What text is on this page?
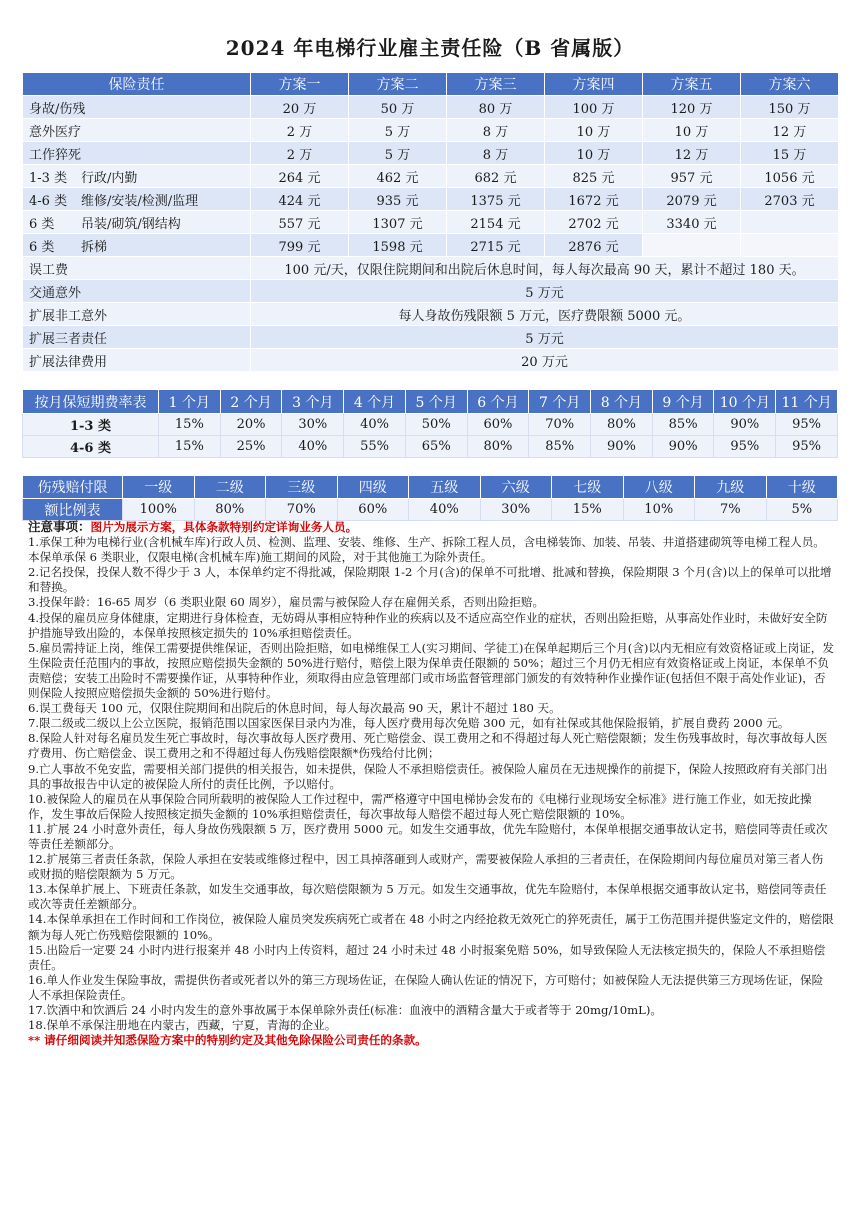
2024 年电梯行业雇主责任险（B 省属版）
保险责任	方案一	方案二	方案三	方案四	方案五	方案六
身故/伤残	20 万	50 万	80 万	100 万	120 万	150 万
意外医疗	2 万	5 万	8 万	10 万	10 万	12 万
工作猝死	2 万	5 万	8 万	10 万	12 万	15 万
1-3 类 行政/内勤	264 元	462 元	682 元	825 元	957 元	1056 元
4-6 类 维修/安装/检测/监理	424 元	935 元	1375 元	1672 元	2079 元	2703 元
6 类 吊装/砌筑/钢结构	557 元	1307 元	2154 元	2702 元	3340 元	
6 类 拆梯	799 元	1598 元	2715 元	2876 元		
误工费	100 元/天，仅限住院期间和出院后休息时间，每人每次最高 90 天，累计不超过 180 天。					
交通意外	5 万元					
扩展非工意外	每人身故伤残限额 5 万元，医疗费限额 5000 元。					
扩展三者责任	5 万元					
扩展法律费用	20 万元					
按月保短期费率表	1 个月	2 个月	3 个月	4 个月	5 个月	6 个月	7 个月	8 个月	9 个月	10 个月	11 个月
1-3 类	15%	20%	30%	40%	50%	60%	70%	80%	85%	90%	95%
4-6 类	15%	25%	40%	55%	65%	80%	85%	90%	90%	95%	95%
伤残赔付限	一级	二级	三级	四级	五级	六级	七级	八级	九级	十级
额比例表	100%	80%	70%	60%	40%	30%	15%	10%	7%	5%

注意事项：图片为展示方案，具体条款特别约定详询业务人员。

1.承保工种为电梯行业(含机械车库)行政人员、检测、监理、安装、维修、生产、拆除工程人员，含电梯装饰、加装、吊装、井道搭建砌筑等电梯工程人员。本保单承保 6 类职业，仅限电梯(含机械车库)施工期间的风险，对于其他施工为除外责任。

2.记名投保，投保人数不得少于 3 人，本保单约定不得批减，保险期限 1-2 个月(含)的保单不可批增、批减和替换，保险期限 3 个月(含)以上的保单可以批增和替换。

3.投保年龄：16-65 周岁（6 类职业限 60 周岁），雇员需与被保险人存在雇佣关系，否则出险拒赔。

4.投保的雇员应身体健康，定期进行身体检查，无妨碍从事相应特种作业的疾病以及不适应高空作业的症状，否则出险拒赔，从事高处作业时，未做好安全防护措施导致出险的，本保单按照核定损失的 10%承担赔偿责任。

5.雇员需持证上岗，维保工需要提供维保证，否则出险拒赔，如电梯维保工人(实习期间、学徒工)在保单起期后三个月(含)以内无相应有效资格证或上岗证，发生保险责任范围内的事故，按照应赔偿损失金额的 50%进行赔付，赔偿上限为保单责任限额的 50%；超过三个月仍无相应有效资格证或上岗证，本保单不负责赔偿；安装工出险时不需要操作证，从事特种作业，须取得由应急管理部门或市场监督管理部门颁发的有效特种作业操作证(包括但不限于高处作业证)，否则保险人按照应赔偿损失金额的 50%进行赔付。

6.误工费每天 100 元，仅限住院期间和出院后的休息时间，每人每次最高 90 天，累计不超过 180 天。

7.限二级或二级以上公立医院，报销范围以国家医保目录内为准，每人医疗费用每次免赔 300 元，如有社保或其他保险报销，扩展自费药 2000 元。

8.保险人针对每名雇员发生死亡事故时，每次事故每人医疗费用、死亡赔偿金、误工费用之和不得超过每人死亡赔偿限额；发生伤残事故时，每次事故每人医疗费用、伤亡赔偿金、误工费用之和不得超过每人伤残赔偿限额*伤残给付比例；

9.亡人事故不免安监，需要相关部门提供的相关报告，如未提供，保险人不承担赔偿责任。被保险人雇员在无违规操作的前提下，保险人按照政府有关部门出具的事故报告中认定的被保险人所付的责任比例，予以赔付。

10.被保险人的雇员在从事保险合同所载明的被保险人工作过程中，需严格遵守中国电梯协会发布的《电梯行业现场安全标准》进行施工作业，如无按此操作，发生事故后保险人按照核定损失金额的 10%承担赔偿责任，每次事故每人赔偿不超过每人死亡赔偿限额的 10%。

11.扩展 24 小时意外责任，每人身故伤残限额 5 万，医疗费用 5000 元。如发生交通事故，优先车险赔付，本保单根据交通事故认定书，赔偿同等责任或次等责任差额部分。

12.扩展第三者责任条款，保险人承担在安装或维修过程中，因工具掉落砸到人或财产，需要被保险人承担的三者责任，在保险期间内每位雇员对第三者人伤或财损的赔偿限额为 5 万元。

13.本保单扩展上、下班责任条款，如发生交通事故，每次赔偿限额为 5 万元。如发生交通事故，优先车险赔付，本保单根据交通事故认定书，赔偿同等责任或次等责任差额部分。

14.本保单承担在工作时间和工作岗位，被保险人雇员突发疾病死亡或者在 48 小时之内经抢救无效死亡的猝死责任，属于工伤范围并提供鉴定文件的，赔偿限额为每人死亡伤残赔偿限额的 10%。

15.出险后一定要 24 小时内进行报案并 48 小时内上传资料，超过 24 小时未过 48 小时报案免赔 50%，如导致保险人无法核定损失的，保险人不承担赔偿责任。

16.单人作业发生保险事故，需提供伤者或死者以外的第三方现场佐证，在保险人确认佐证的情况下，方可赔付；如被保险人无法提供第三方现场佐证，保险人不承担保险责任。

17.饮酒中和饮酒后 24 小时内发生的意外事故属于本保单除外责任(标准：血液中的酒精含量大于或者等于 20mg/10mL)。

18.保单不承保注册地在内蒙古，西藏，宁夏，青海的企业。

** 请仔细阅读并知悉保险方案中的特别约定及其他免除保险公司责任的条款。
